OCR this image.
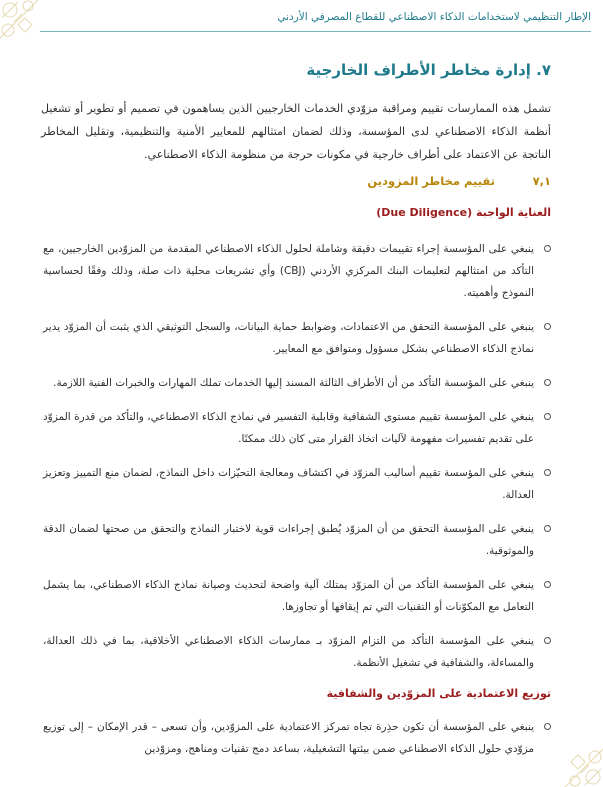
الإطار التنظيمي لاستخدامات الذكاء الاصطناعي للقطاع المصرفي الأردني
٧. إدارة مخاطر الأطراف الخارجية

تشمل هذه الممارسات تقييم ومراقبة مزوّدي الخدمات الخارجيين الذين يساهمون في تصميم أو تطوير أو تشغيل أنظمة الذكاء الاصطناعي لدى المؤسسة، وذلك لضمان امتثالهم للمعايير الأمنية والتنظيمية، وتقليل المخاطر الناتجة عن الاعتماد على أطراف خارجية في مكونات حرجة من منظومة الذكاء الاصطناعي.

٧,١ تقييم مخاطر المزودين
العناية الواجبة (Due Diligence)
ينبغي على المؤسسة إجراء تقييمات دقيقة وشاملة لحلول الذكاء الاصطناعي المقدمة من المزوّدين الخارجيين، مع التأكد من امتثالهم لتعليمات البنك المركزي الأردني (CBJ) وأي تشريعات محلية ذات صلة، وذلك وفقًا لحساسية النموذج وأهميته.
ينبغي على المؤسسة التحقق من الاعتمادات، وضوابط حماية البيانات، والسجل التوثيقي الذي يثبت أن المزوّد يدير نماذج الذكاء الاصطناعي بشكل مسؤول ومتوافق مع المعايير.
ينبغي على المؤسسة التأكد من أن الأطراف الثالثة المسند إليها الخدمات تملك المهارات والخبرات الفنية اللازمة.
ينبغي على المؤسسة تقييم مستوى الشفافية وقابلية التفسير في نماذج الذكاء الاصطناعي، والتأكد من قدرة المزوّد على تقديم تفسيرات مفهومة لآليات اتخاذ القرار متى كان ذلك ممكنًا.
ينبغي على المؤسسة تقييم أساليب المزوّد في اكتشاف ومعالجة التحيّزات داخل النماذج، لضمان منع التمييز وتعزيز العدالة.
ينبغي على المؤسسة التحقق من أن المزوّد يُطبق إجراءات قوية لاختبار النماذج والتحقق من صحتها لضمان الدقة والموثوقية.
ينبغي على المؤسسة التأكد من أن المزوّد يمتلك آلية واضحة لتحديث وصيانة نماذج الذكاء الاصطناعي، بما يشمل التعامل مع المكوّنات أو التقنيات التي تم إيقافها أو تجاوزها.
ينبغي على المؤسسة التأكد من التزام المزوّد بـ ممارسات الذكاء الاصطناعي الأخلاقية، بما في ذلك العدالة، والمساءلة، والشفافية في تشغيل الأنظمة.
توزيع الاعتمادية على المزوّدين والشفافية
ينبغي على المؤسسة أن تكون حذِرة تجاه تمركز الاعتمادية على المزوّدين، وأن تسعى – قدر الإمكان – إلى توزيع مزوّدي حلول الذكاء الاصطناعي ضمن بيئتها التشغيلية، بساعد دمج تقنيات ومناهج، ومزوّدين
